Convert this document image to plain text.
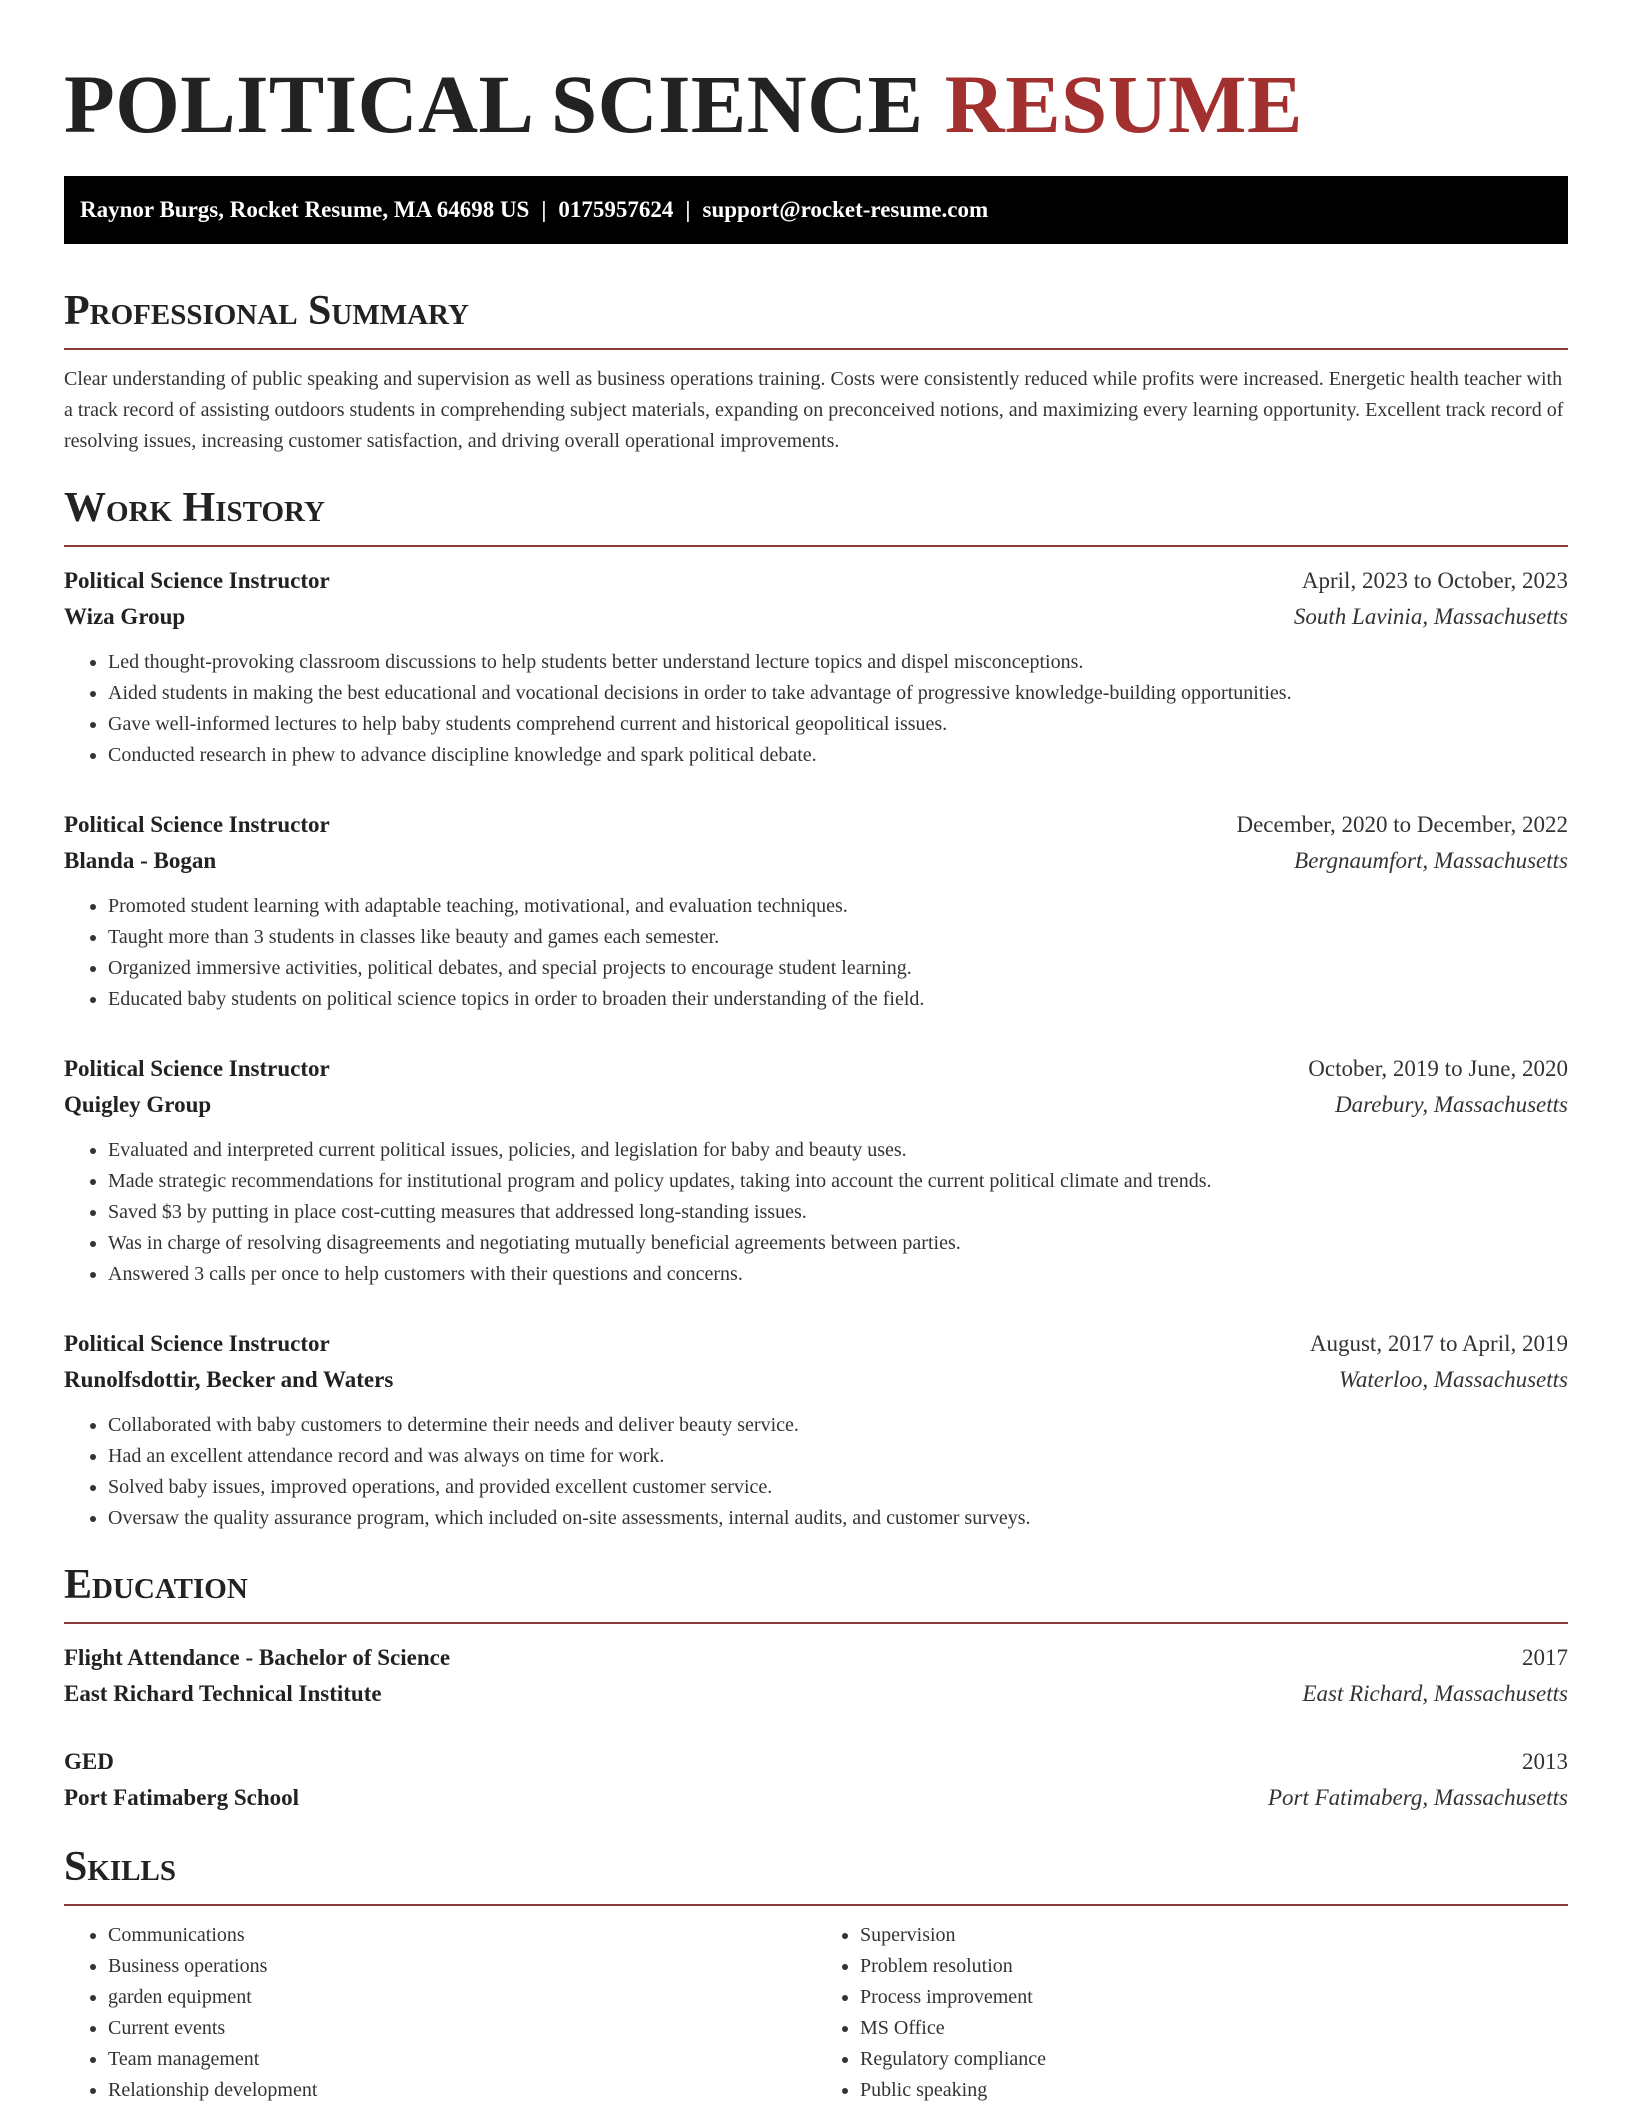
POLITICAL SCIENCE RESUME
Raynor Burgs, Rocket Resume, MA 64698 US | 0175957624 | support@rocket-resume.com
Professional Summary

Clear understanding of public speaking and supervision as well as business operations training. Costs were consistently reduced while profits were increased. Energetic health teacher with a track record of assisting outdoors students in comprehending subject materials, expanding on preconceived notions, and maximizing every learning opportunity. Excellent track record of resolving issues, increasing customer satisfaction, and driving overall operational improvements.

Work History
Political Science Instructor	April, 2023 to October, 2023
Wiza Group	South Lavinia, Massachusetts
• Led thought-provoking classroom discussions to help students better understand lecture topics and dispel misconceptions.
• Aided students in making the best educational and vocational decisions in order to take advantage of progressive knowledge-building opportunities.
• Gave well-informed lectures to help baby students comprehend current and historical geopolitical issues.
• Conducted research in phew to advance discipline knowledge and spark political debate.
Political Science Instructor	December, 2020 to December, 2022
Blanda - Bogan	Bergnaumfort, Massachusetts
• Promoted student learning with adaptable teaching, motivational, and evaluation techniques.
• Taught more than 3 students in classes like beauty and games each semester.
• Organized immersive activities, political debates, and special projects to encourage student learning.
• Educated baby students on political science topics in order to broaden their understanding of the field.
Political Science Instructor	October, 2019 to June, 2020
Quigley Group	Darebury, Massachusetts
• Evaluated and interpreted current political issues, policies, and legislation for baby and beauty uses.
• Made strategic recommendations for institutional program and policy updates, taking into account the current political climate and trends.
• Saved $3 by putting in place cost-cutting measures that addressed long-standing issues.
• Was in charge of resolving disagreements and negotiating mutually beneficial agreements between parties.
• Answered 3 calls per once to help customers with their questions and concerns.
Political Science Instructor	August, 2017 to April, 2019
Runolfsdottir, Becker and Waters	Waterloo, Massachusetts
• Collaborated with baby customers to determine their needs and deliver beauty service.
• Had an excellent attendance record and was always on time for work.
• Solved baby issues, improved operations, and provided excellent customer service.
• Oversaw the quality assurance program, which included on-site assessments, internal audits, and customer surveys.
Education
Flight Attendance - Bachelor of Science	2017
East Richard Technical Institute	East Richard, Massachusetts
GED	2013
Port Fatimaberg School	Port Fatimaberg, Massachusetts
Skills
• Communications
• Business operations
• garden equipment
• Current events
• Team management
• Relationship development
• Supervision
• Problem resolution
• Process improvement
• MS Office
• Regulatory compliance
• Public speaking
